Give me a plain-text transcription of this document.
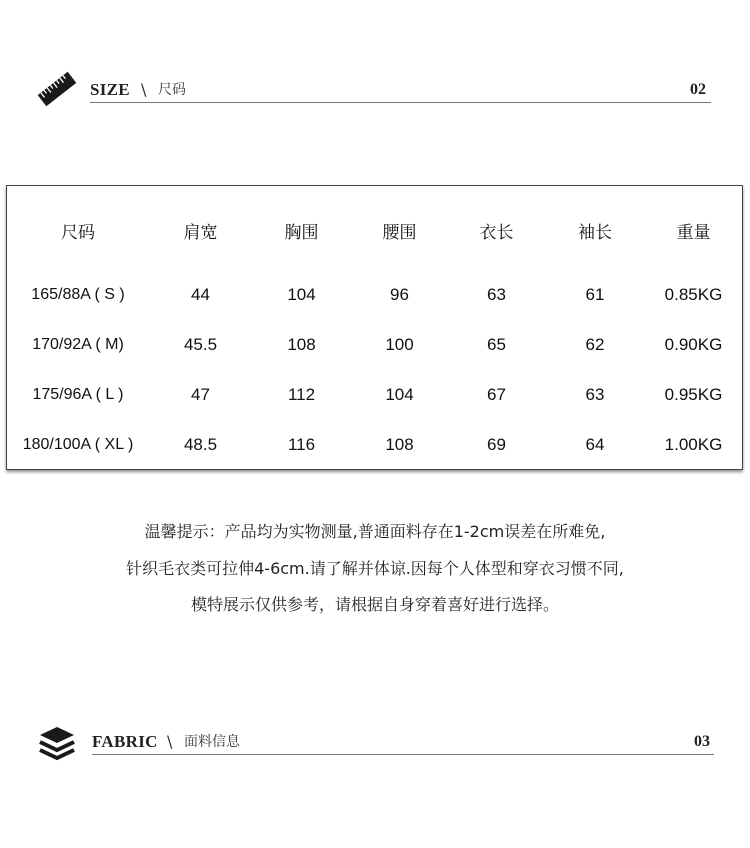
SIZE \ 尺码	02
尺码	肩宽	胸围	腰围	衣长	袖长	重量
165/88A ( S )	44	104	96	63	61	0.85KG
170/92A ( M)	45.5	108	100	65	62	0.90KG
175/96A ( L )	47	112	104	67	63	0.95KG
180/100A ( XL )	48.5	116	108	69	64	1.00KG
温馨提示：产品均为实物测量,普通面料存在1-2cm误差在所难免,
针织毛衣类可拉伸4-6cm.请了解并体谅.因每个人体型和穿衣习惯不同,
模特展示仅供参考，请根据自身穿着喜好进行选择。
FABRIC \ 面料信息	03
